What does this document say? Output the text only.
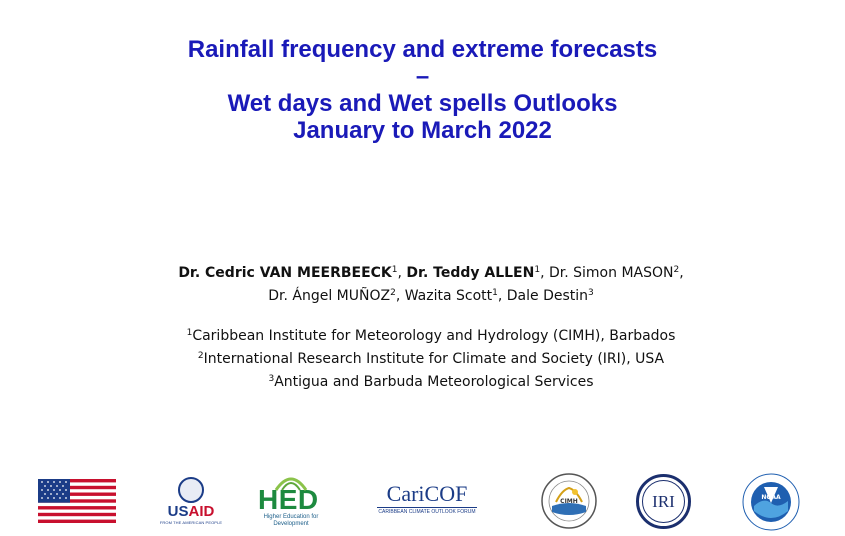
Rainfall frequency and extreme forecasts
–
Wet days and Wet spells Outlooks
January to March 2022
Dr. Cedric VAN MEERBEECK$^1$, Dr. Teddy ALLEN$^1$, Dr. Simon MASON$^2$,
Dr. Ángel MUÑOZ$^2$, Wazita Scott$^1$, Dale Destin$^3$
$^1$Caribbean Institute for Meteorology and Hydrology (CIMH), Barbados
$^2$International Research Institute for Climate and Society (IRI), USA
$^3$Antigua and Barbuda Meteorological Services
USAID
FROM THE AMERICAN PEOPLE
HED
Higher Education for Development
CariCOF
CARIBBEAN CLIMATE OUTLOOK FORUM
CIMH	IRI	NOAA
